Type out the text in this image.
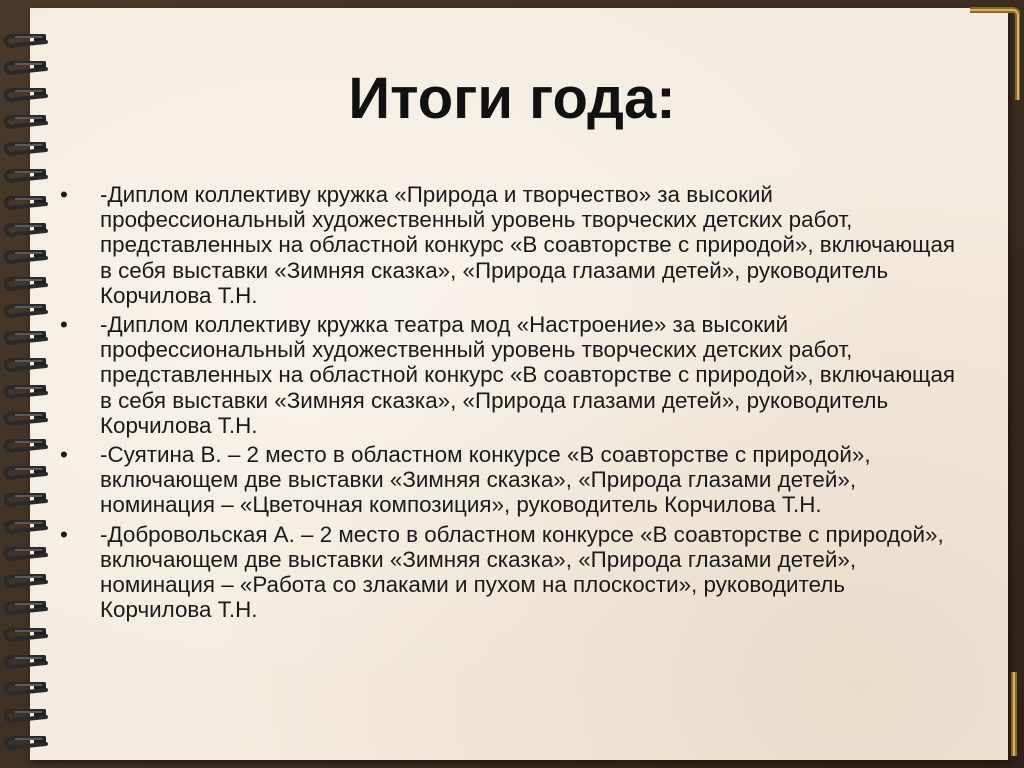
Итоги года:
• -Диплом коллективу кружка «Природа и творчество» за высокий профессиональный художественный уровень творческих детских работ, представленных на областной конкурс «В соавторстве с природой», включающая в себя выставки «Зимняя сказка», «Природа глазами детей», руководитель Корчилова Т.Н.
• -Диплом коллективу кружка театра мод «Настроение» за высокий профессиональный художественный уровень творческих детских работ, представленных на областной конкурс «В соавторстве с природой», включающая в себя выставки «Зимняя сказка», «Природа глазами детей», руководитель Корчилова Т.Н.
• -Суятина В. – 2 место в областном конкурсе «В соавторстве с природой», включающем две выставки «Зимняя сказка», «Природа глазами детей», номинация – «Цветочная композиция», руководитель Корчилова Т.Н.
• -Добровольская А. – 2 место в областном конкурсе «В соавторстве с природой», включающем две выставки «Зимняя сказка», «Природа глазами детей», номинация – «Работа со злаками и пухом на плоскости», руководитель Корчилова Т.Н.
